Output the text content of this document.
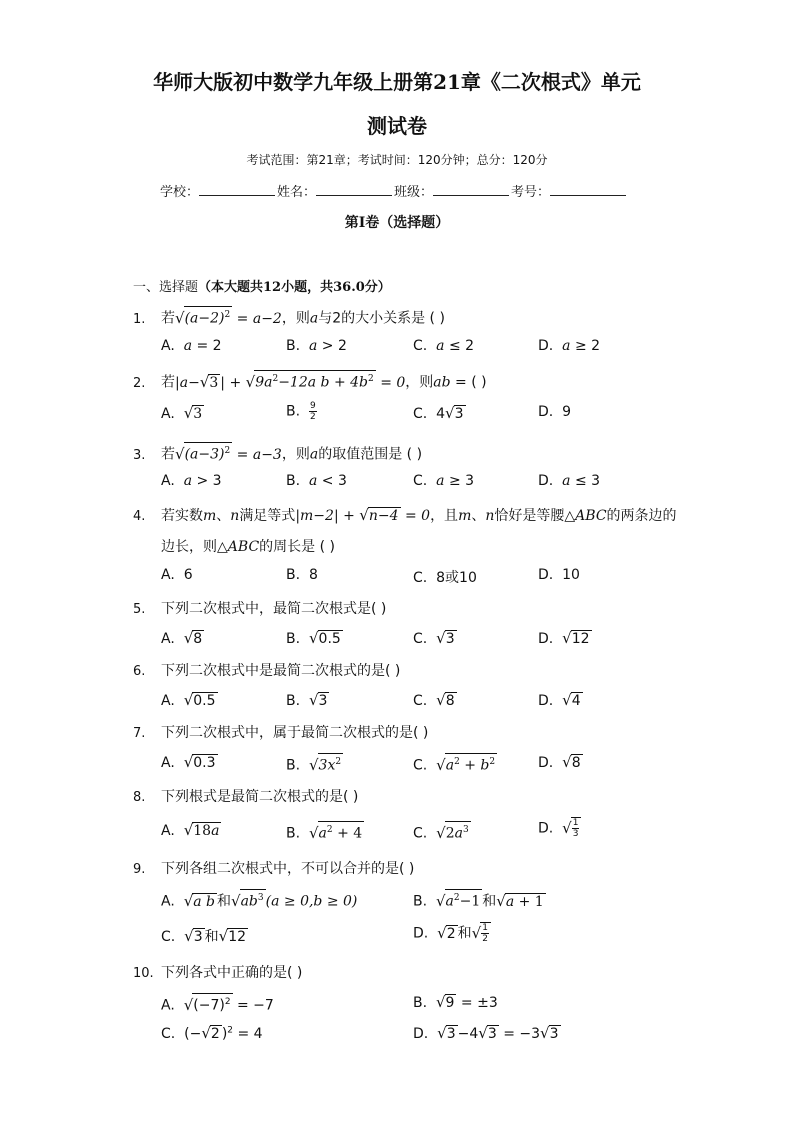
华师大版初中数学九年级上册第21章《二次根式》单元
测试卷
考试范围：第21章；考试时间：120分钟；总分：120分
学校：	姓名：	班级：	考号：
第I卷（选择题）
一、选择题（本大题共12小题，共36.0分）
1. 若$√(a-2)^2 = a-2$，则a与2的大小关系是 ( )
A. a = 2	B. a > 2	C. a ≤ 2	D. a ≥ 2
2. 若|a−√3 | + $√9a^2-12a$ $b + 4b^2 = 0$，则ab = ( )
A. √3	B. $\frac{9}{2}$	C.  4√3	D.  9
3. 若$√(a-3)^2 = a-3$，则a的取值范围是 ( )
A. a > 3	B. a < 3	C. a ≥ 3	D. a ≤ 3
4. 若实数m、n满足等式|m−2| + √n−4 = 0，且m、n恰好是等腰△ABC的两条边的
边长，则△ABC的周长是 ( )
A. 6	B. 8	C. 8或10	D. 10
5. 下列二次根式中，最简二次根式是( )
A. √8	B. √0.5	C. √3	D. √12
6. 下列二次根式中是最简二次根式的是( )
A. √0.5	B. √3	C. √8	D. √4
7. 下列二次根式中，属于最简二次根式的是( )
A. √0.3	B. $√3x^2$	C. $√a^2 + b^2$	D. √8
8. 下列根式是最简二次根式的是( )
A. √18a	B. $√a^2 + 4$	C. $√2a^3$	D. √ $\frac{1}{3}$
9. 下列各组二次根式中，不可以合并的是( )
A. √a b 和$√ab^3$ (a ≥ 0,b ≥ 0)	B. $√a^2-1$ 和√a + 1
C. √3 和√12	D. √2 和√ $\frac{1}{2}$
10. 下列各式中正确的是( )
A. $√(-7)^2 = -7$	B. √9 = ±3
C.  (−√2 )$^2$ = 4	D. √3 −4√3 = −3√3
